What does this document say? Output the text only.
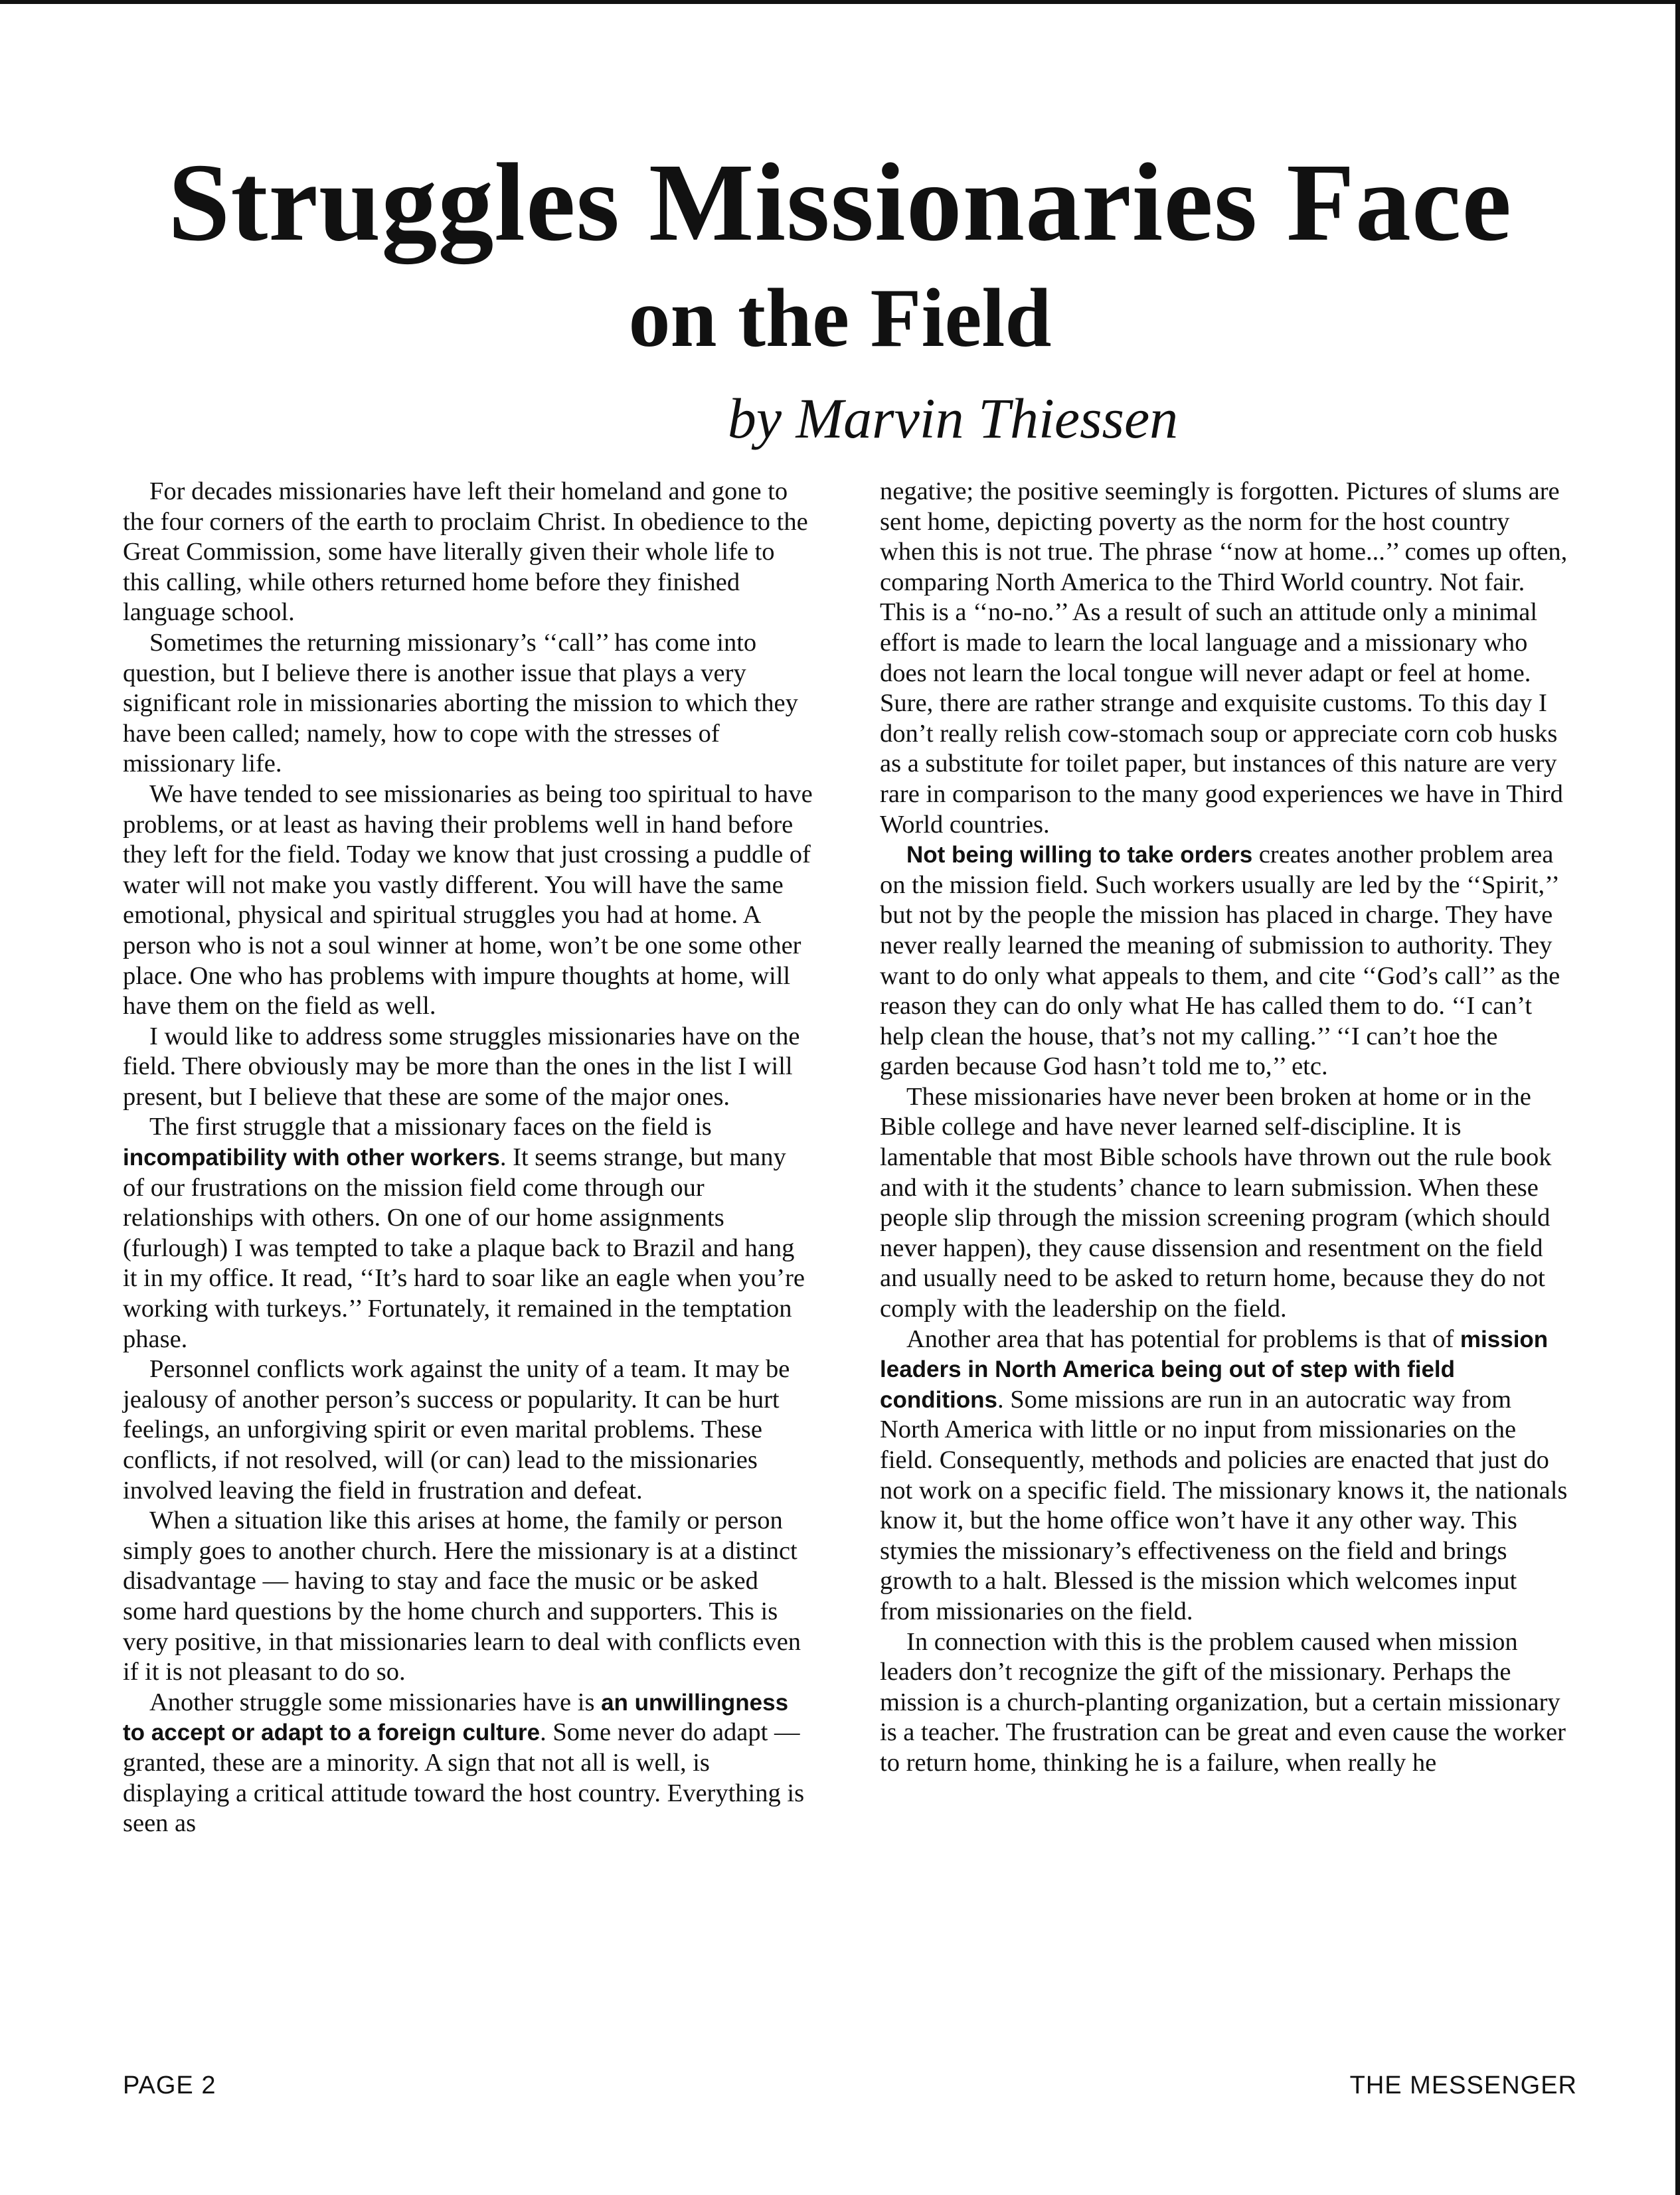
Struggles Missionaries Face
on the Field
by Marvin Thiessen

For decades missionaries have left their homeland and gone to the four corners of the earth to proclaim Christ. In obedience to the Great Commission, some have literally given their whole life to this calling, while others returned home before they finished language school.

Sometimes the returning missionary’s ‘‘call’’ has come into question, but I believe there is another issue that plays a very significant role in missionaries aborting the mission to which they have been called; namely, how to cope with the stresses of missionary life.

We have tended to see missionaries as being too spiritual to have problems, or at least as having their problems well in hand before they left for the field. Today we know that just crossing a puddle of water will not make you vastly different. You will have the same emotional, physical and spiritual struggles you had at home. A person who is not a soul winner at home, won’t be one some other place. One who has problems with impure thoughts at home, will have them on the field as well.

I would like to address some struggles missionaries have on the field. There obviously may be more than the ones in the list I will present, but I believe that these are some of the major ones.

The first struggle that a missionary faces on the field is incompatibility with other workers. It seems strange, but many of our frustrations on the mission field come through our relationships with others. On one of our home assignments (furlough) I was tempted to take a plaque back to Brazil and hang it in my office. It read, ‘‘It’s hard to soar like an eagle when you’re working with turkeys.’’ Fortunately, it remained in the temptation phase.

Personnel conflicts work against the unity of a team. It may be jealousy of another person’s success or popularity. It can be hurt feelings, an unforgiving spirit or even marital problems. These conflicts, if not resolved, will (or can) lead to the missionaries involved leaving the field in frustration and defeat.

When a situation like this arises at home, the family or person simply goes to another church. Here the missionary is at a distinct disadvantage — having to stay and face the music or be asked some hard questions by the home church and supporters. This is very positive, in that missionaries learn to deal with conflicts even if it is not pleasant to do so.

Another struggle some missionaries have is an unwillingness to accept or adapt to a foreign culture. Some never do adapt — granted, these are a minority. A sign that not all is well, is displaying a critical attitude toward the host country. Everything is seen as

negative; the positive seemingly is forgotten. Pictures of slums are sent home, depicting poverty as the norm for the host country when this is not true. The phrase ‘‘now at home...’’ comes up often, comparing North America to the Third World country. Not fair. This is a ‘‘no-no.’’ As a result of such an attitude only a minimal effort is made to learn the local language and a missionary who does not learn the local tongue will never adapt or feel at home. Sure, there are rather strange and exquisite customs. To this day I don’t really relish cow-stomach soup or appreciate corn cob husks as a substitute for toilet paper, but instances of this nature are very rare in comparison to the many good experiences we have in Third World countries.

Not being willing to take orders creates another problem area on the mission field. Such workers usually are led by the ‘‘Spirit,’’ but not by the people the mission has placed in charge. They have never really learned the meaning of submission to authority. They want to do only what appeals to them, and cite ‘‘God’s call’’ as the reason they can do only what He has called them to do. ‘‘I can’t help clean the house, that’s not my calling.’’ ‘‘I can’t hoe the garden because God hasn’t told me to,’’ etc.

These missionaries have never been broken at home or in the Bible college and have never learned self-discipline. It is lamentable that most Bible schools have thrown out the rule book and with it the students’ chance to learn submission. When these people slip through the mission screening program (which should never happen), they cause dissension and resentment on the field and usually need to be asked to return home, because they do not comply with the leadership on the field.

Another area that has potential for problems is that of mission leaders in North America being out of step with field conditions. Some missions are run in an autocratic way from North America with little or no input from missionaries on the field. Consequently, methods and policies are enacted that just do not work on a specific field. The missionary knows it, the nationals know it, but the home office won’t have it any other way. This stymies the missionary’s effectiveness on the field and brings growth to a halt. Blessed is the mission which welcomes input from missionaries on the field.

In connection with this is the problem caused when mission leaders don’t recognize the gift of the missionary. Perhaps the mission is a church-planting organization, but a certain missionary is a teacher. The frustration can be great and even cause the worker to return home, thinking he is a failure, when really he

PAGE 2	THE MESSENGER
